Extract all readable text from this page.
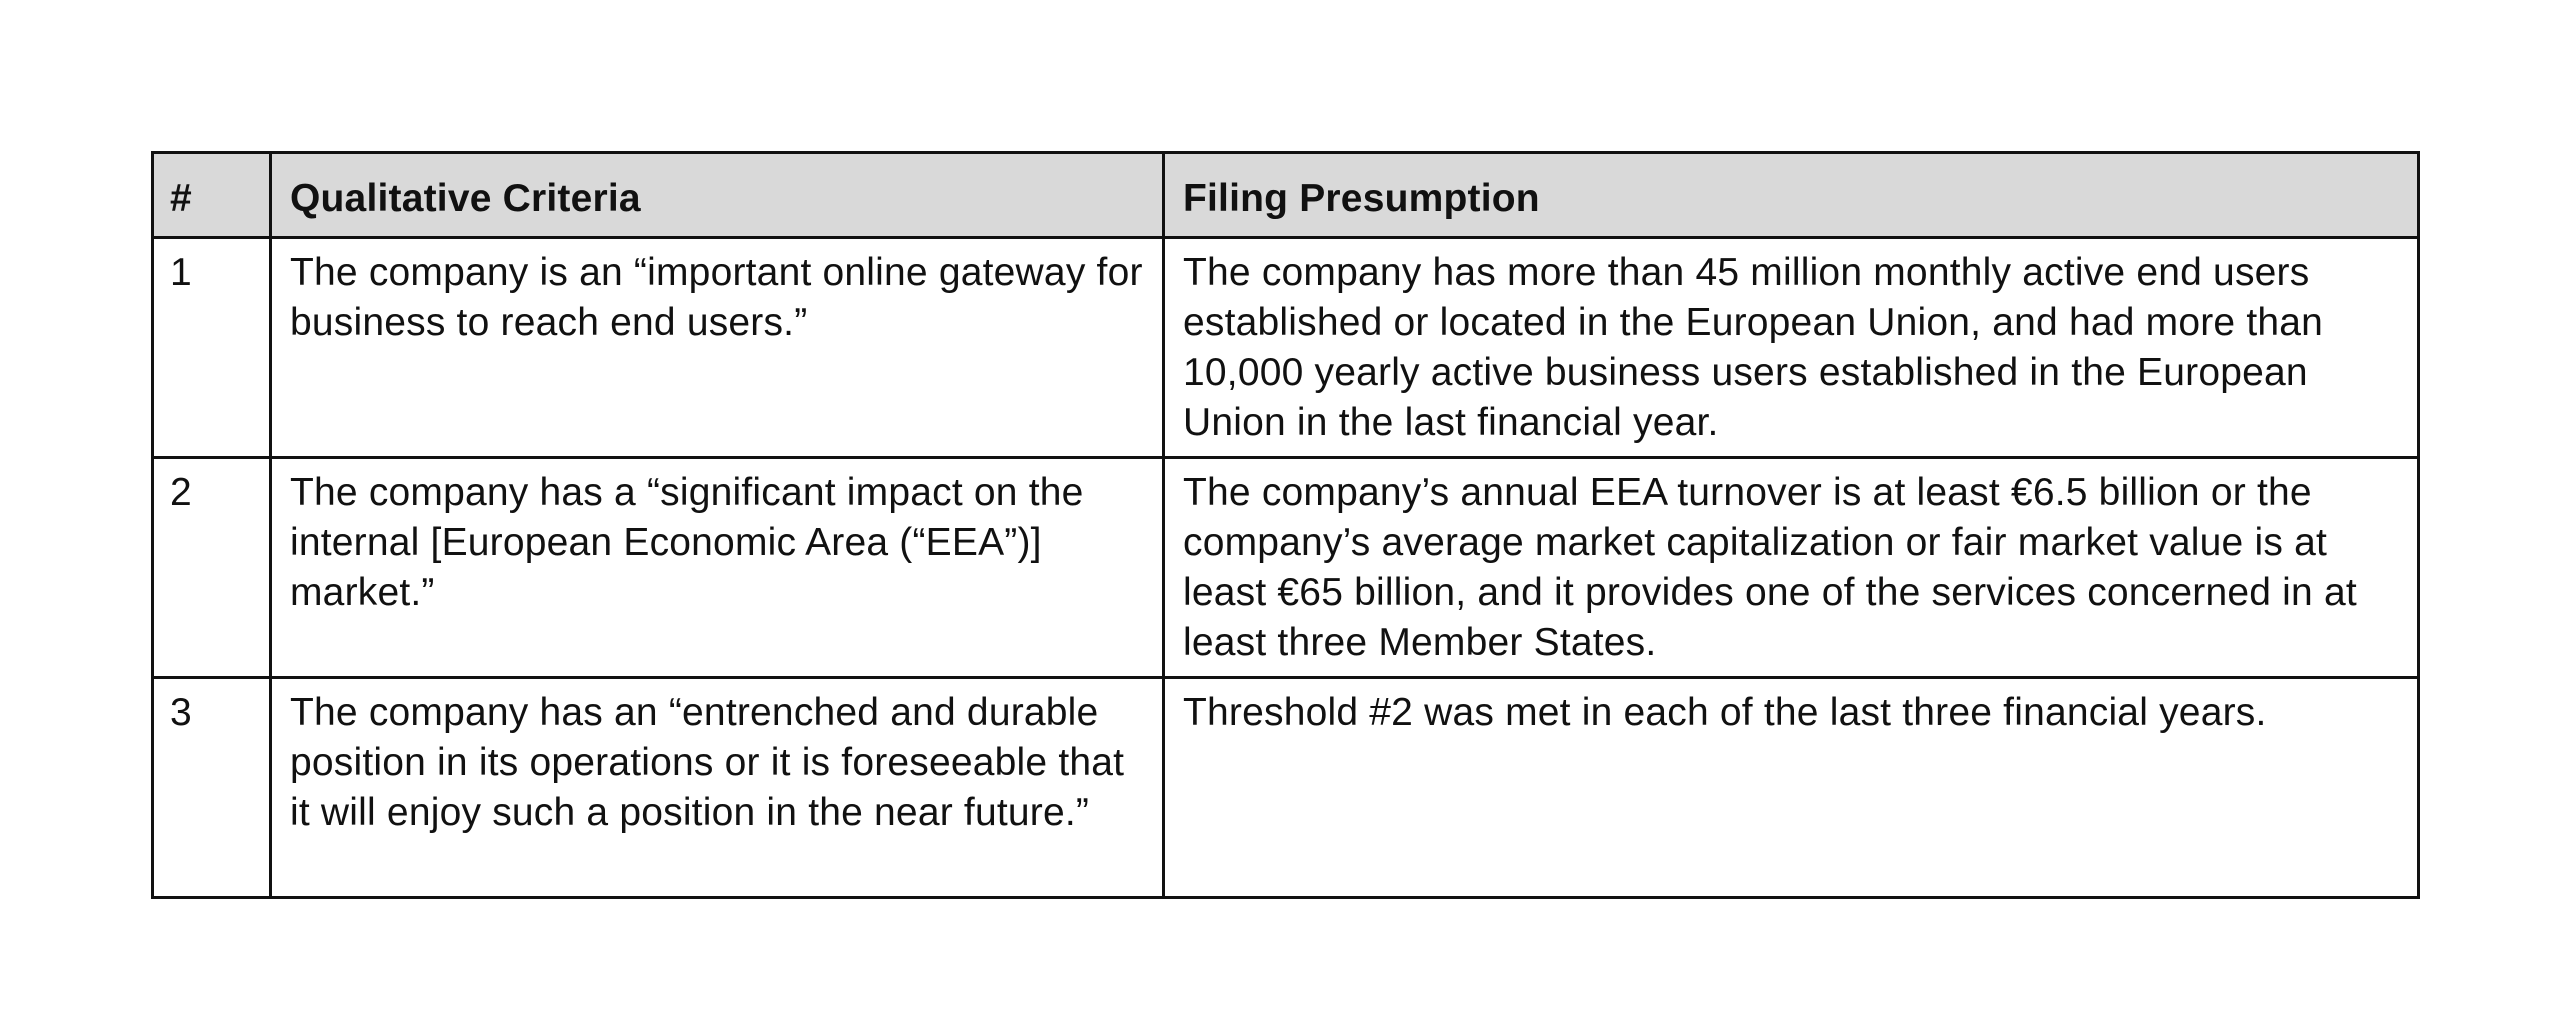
#	Qualitative Criteria	Filing Presumption
1	The company is an “important online gateway for business to reach end users.”	The company has more than 45 million monthly active end users established or located in the European Union, and had more than 10,000 yearly active business users established in the European Union in the last financial year.
2	The company has a “significant impact on the internal [European Economic Area (“EEA”)] market.”	The company’s annual EEA turnover is at least €6.5 billion or the company’s average market capitalization or fair market value is at least €65 billion, and it provides one of the services concerned in at least three Member States.
3	The company has an “entrenched and durable position in its operations or it is foreseeable that it will enjoy such a position in the near future.”	Threshold #2 was met in each of the last three financial years.
